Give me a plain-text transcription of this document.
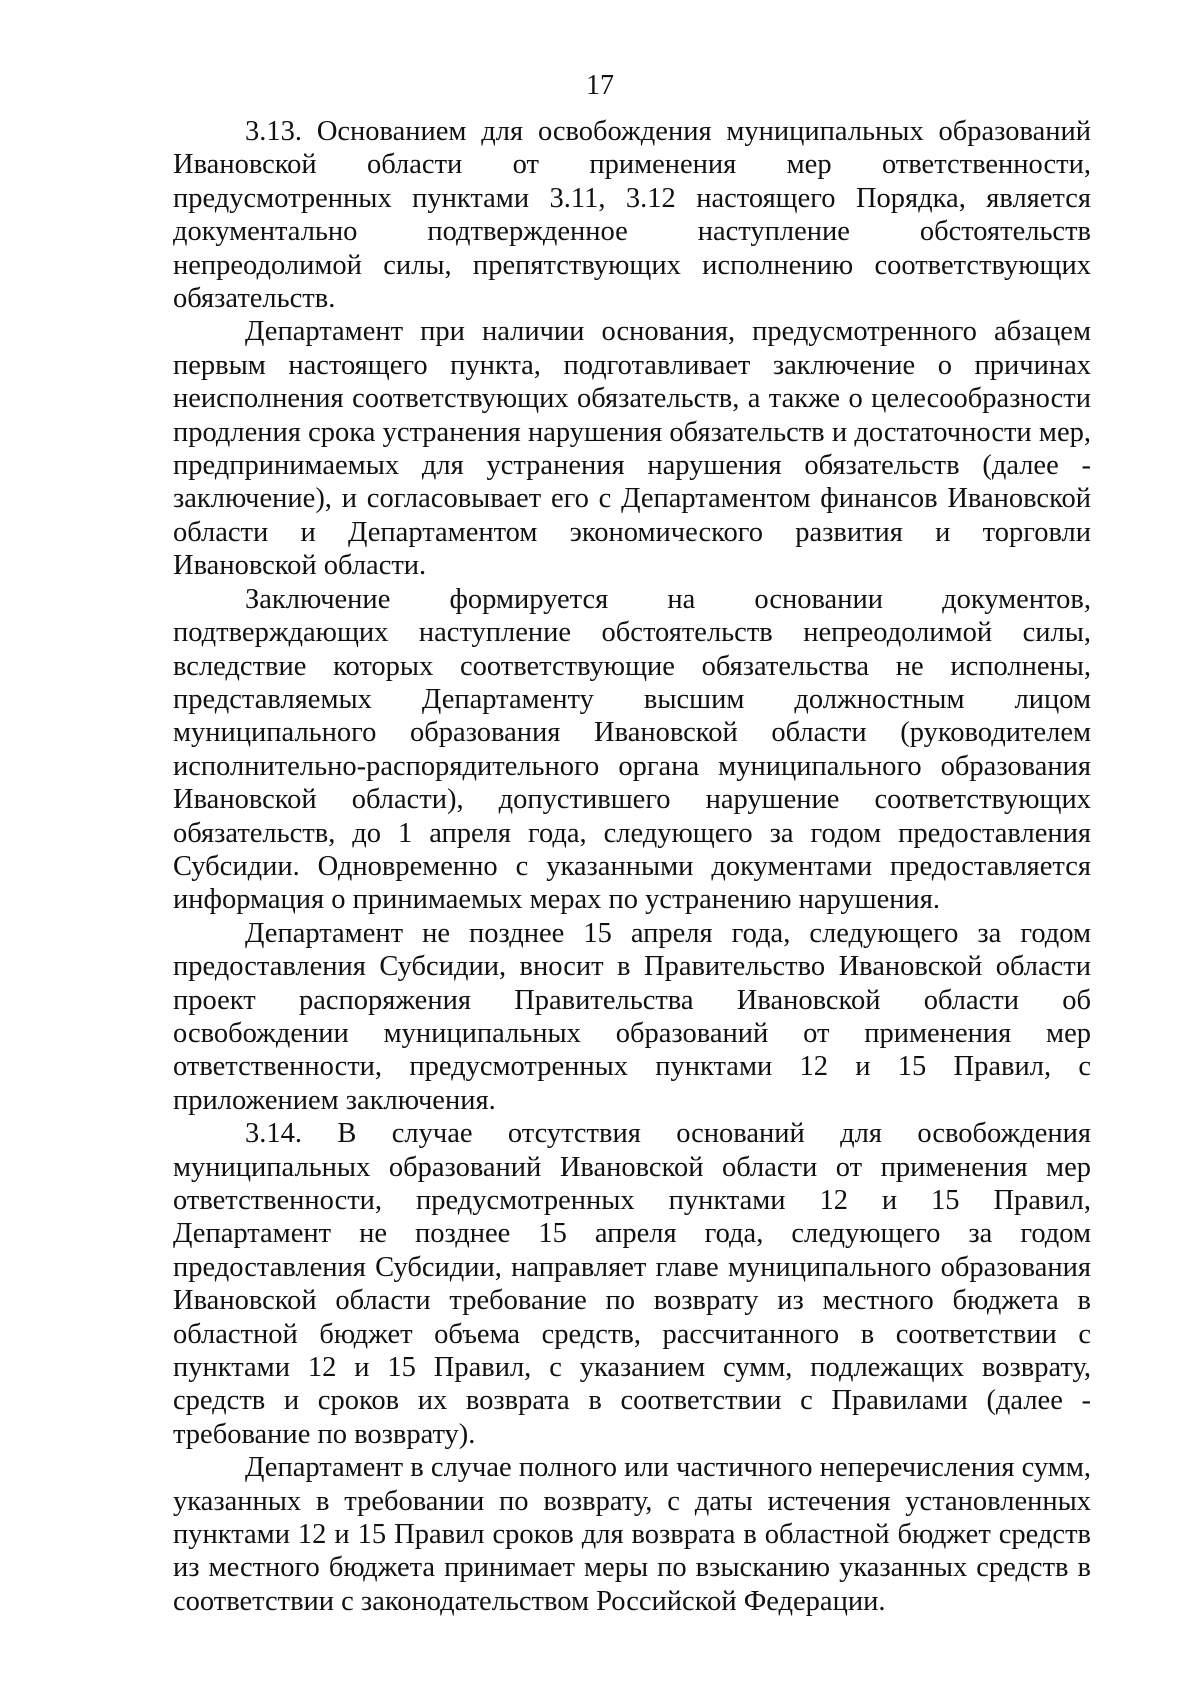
17

3.13. Основанием для освобождения муниципальных образований Ивановской области от применения мер ответственности, предусмотренных пунктами 3.11, 3.12 настоящего Порядка, является документально подтвержденное наступление обстоятельств непреодолимой силы, препятствующих исполнению соответствующих обязательств.

Департамент при наличии основания, предусмотренного абзацем первым настоящего пункта, подготавливает заключение о причинах неисполнения соответствующих обязательств, а также о целесообразности продления срока устранения нарушения обязательств и достаточности мер, предпринимаемых для устранения нарушения обязательств (далее - заключение), и согласовывает его с Департаментом финансов Ивановской области и Департаментом экономического развития и торговли Ивановской области.

Заключение формируется на основании документов, подтверждающих наступление обстоятельств непреодолимой силы, вследствие которых соответствующие обязательства не исполнены, представляемых Департаменту высшим должностным лицом муниципального образования Ивановской области (руководителем исполнительно-распорядительного органа муниципального образования Ивановской области), допустившего нарушение соответствующих обязательств, до 1 апреля года, следующего за годом предоставления Субсидии. Одновременно с указанными документами предоставляется информация о принимаемых мерах по устранению нарушения.

Департамент не позднее 15 апреля года, следующего за годом предоставления Субсидии, вносит в Правительство Ивановской области проект распоряжения Правительства Ивановской области об освобождении муниципальных образований от применения мер ответственности, предусмотренных пунктами 12 и 15 Правил, с приложением заключения.

3.14. В случае отсутствия оснований для освобождения муниципальных образований Ивановской области от применения мер ответственности, предусмотренных пунктами 12 и 15 Правил, Департамент не позднее 15 апреля года, следующего за годом предоставления Субсидии, направляет главе муниципального образования Ивановской области требование по возврату из местного бюджета в областной бюджет объема средств, рассчитанного в соответствии с пунктами 12 и 15 Правил, с указанием сумм, подлежащих возврату, средств и сроков их возврата в соответствии с Правилами (далее - требование по возврату).

Департамент в случае полного или частичного неперечисления сумм, указанных в требовании по возврату, с даты истечения установленных пунктами 12 и 15 Правил сроков для возврата в областной бюджет средств из местного бюджета принимает меры по взысканию указанных средств в соответствии с законодательством Российской Федерации.
